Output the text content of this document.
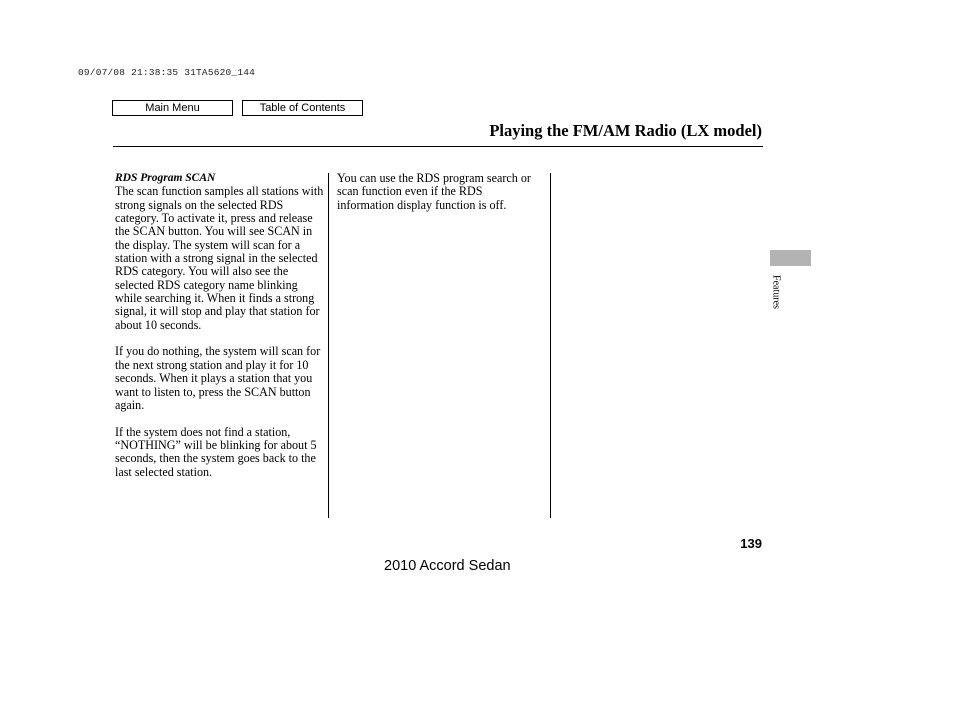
09/07/08 21:38:35 31TA5620_144
Main Menu	Table of Contents
Playing the FM/AM Radio (LX model)
RDS Program SCAN

The scan function samples all stations with strong signals on the selected RDS category. To activate it, press and release the SCAN button. You will see SCAN in the display. The system will scan for a station with a strong signal in the selected RDS category. You will also see the selected RDS category name blinking while searching it. When it finds a strong signal, it will stop and play that station for about 10 seconds.

If you do nothing, the system will scan for the next strong station and play it for 10 seconds. When it plays a station that you want to listen to, press the SCAN button again.

If the system does not find a station, “NOTHING” will be blinking for about 5 seconds, then the system goes back to the last selected station.

You can use the RDS program search or scan function even if the RDS information display function is off.

Features
139
2010 Accord Sedan
